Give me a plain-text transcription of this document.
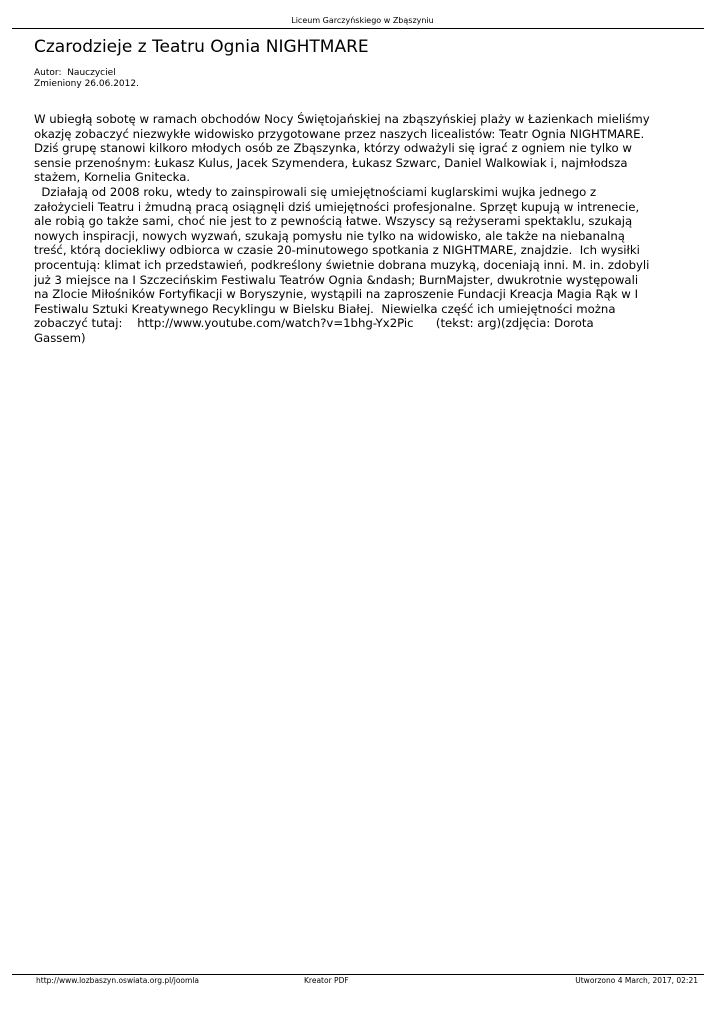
Liceum Garczyńskiego w Zbąszyniu
Czarodzieje z Teatru Ognia NIGHTMARE
Autor:  Nauczyciel
Zmieniony 26.06.2012.
W ubiegłą sobotę w ramach obchodów Nocy Świętojańskiej na zbąszyńskiej plaży w Łazienkach mieliśmy
okazję zobaczyć niezwykłe widowisko przygotowane przez naszych licealistów: Teatr Ognia NIGHTMARE.
Dziś grupę stanowi kilkoro młodych osób ze Zbąszynka, którzy odważyli się igrać z ogniem nie tylko w
sensie przenośnym: Łukasz Kulus, Jacek Szymendera, Łukasz Szwarc, Daniel Walkowiak i, najmłodsza
stażem, Kornelia Gnitecka.
Działają od 2008 roku, wtedy to zainspirowali się umiejętnościami kuglarskimi wujka jednego z
założycieli Teatru i żmudną pracą osiągnęli dziś umiejętności profesjonalne. Sprzęt kupują w intrenecie,
ale robią go także sami, choć nie jest to z pewnością łatwe. Wszyscy są reżyserami spektaklu, szukają
nowych inspiracji, nowych wyzwań, szukają pomysłu nie tylko na widowisko, ale także na niebanalną
treść, którą dociekliwy odbiorca w czasie 20-minutowego spotkania z NIGHTMARE, znajdzie.  Ich wysiłki
procentują: klimat ich przedstawień, podkreślony świetnie dobrana muzyką, doceniają inni. M. in. zdobyli
już 3 miejsce na I Szczecińskim Festiwalu Teatrów Ognia &ndash; BurnMajster, dwukrotnie występowali
na Zlocie Miłośników Fortyfikacji w Boryszynie, wystąpili na zaproszenie Fundacji Kreacja Magia Rąk w I
Festiwalu Sztuki Kreatywnego Recyklingu w Bielsku Białej.  Niewielka część ich umiejętności można
zobaczyć tutaj:    http://www.youtube.com/watch?v=1bhg-Yx2Pic      (tekst: arg)(zdjęcia: Dorota
Gassem)
http://www.lozbaszyn.oswiata.org.pl/joomla	Kreator PDF	Utworzono 4 March, 2017, 02:21
